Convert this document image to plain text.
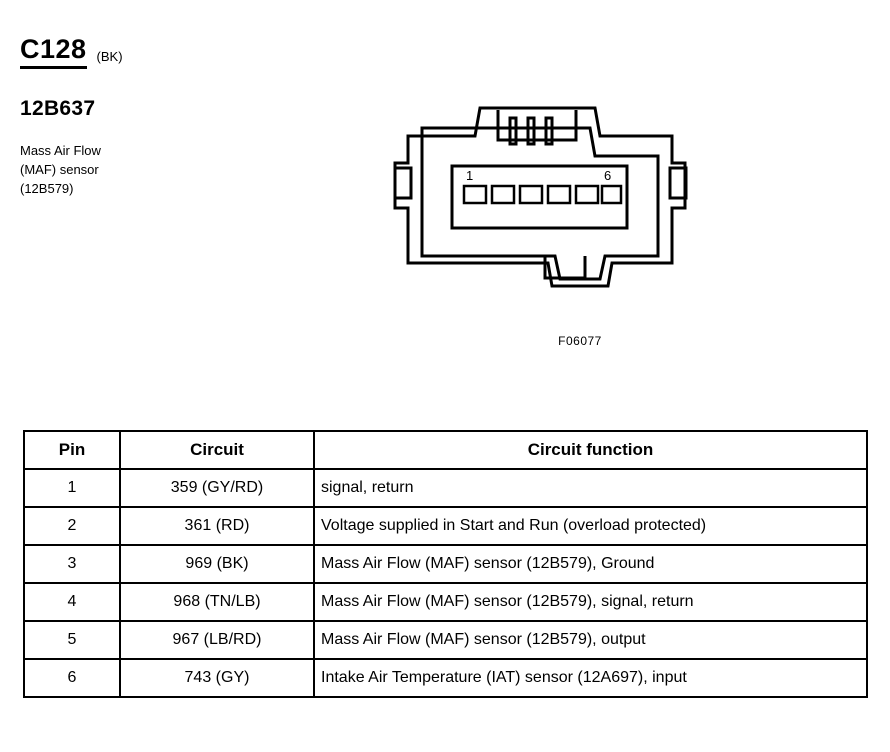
C128 (BK)
12B637
Mass Air Flow
(MAF) sensor
(12B579)
1	6
F06077
Pin	Circuit	Circuit function
1	359 (GY/RD)	signal, return
2	361 (RD)	Voltage supplied in Start and Run (overload protected)
3	969 (BK)	Mass Air Flow (MAF) sensor (12B579), Ground
4	968 (TN/LB)	Mass Air Flow (MAF) sensor (12B579), signal, return
5	967 (LB/RD)	Mass Air Flow (MAF) sensor (12B579), output
6	743 (GY)	Intake Air Temperature (IAT) sensor (12A697), input
